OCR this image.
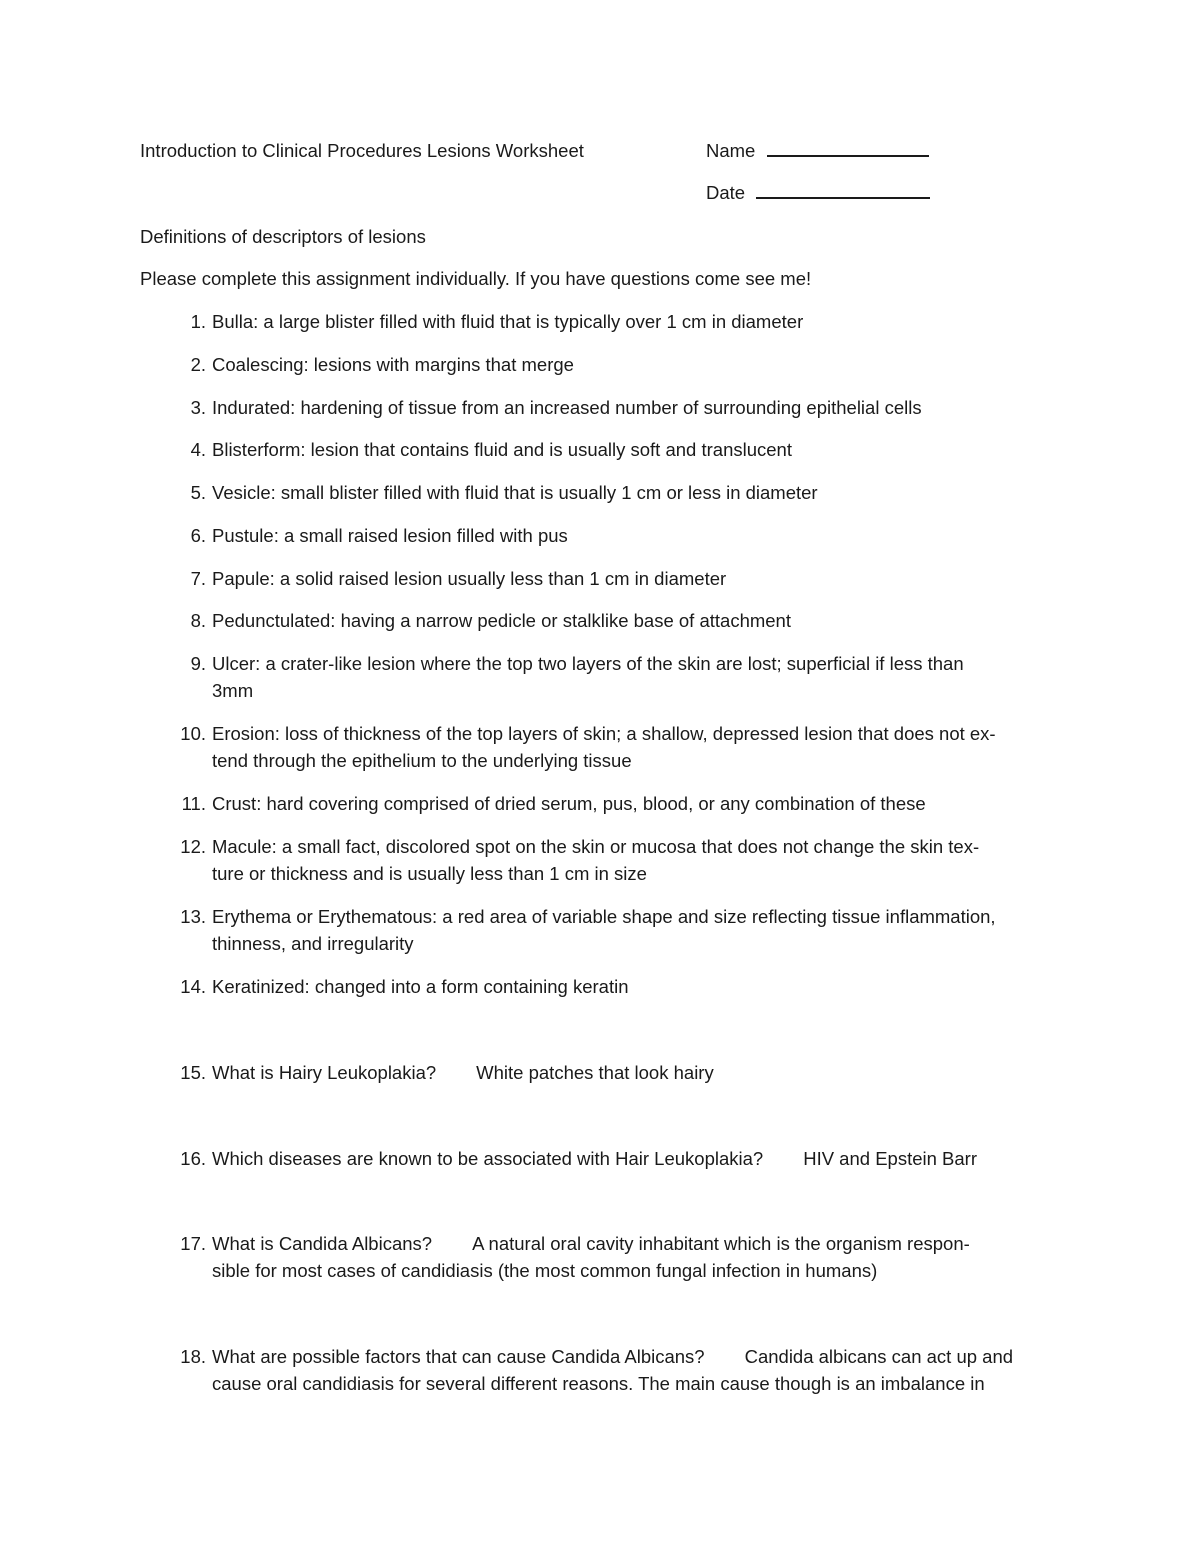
Introduction to Clinical Procedures Lesions Worksheet	Name
Date
Definitions of descriptors of lesions
Please complete this assignment individually. If you have questions come see me!
1. Bulla: a large blister filled with fluid that is typically over 1 cm in diameter
2. Coalescing: lesions with margins that merge
3. Indurated: hardening of tissue from an increased number of surrounding epithelial cells
4. Blisterform: lesion that contains fluid and is usually soft and translucent
5. Vesicle: small blister filled with fluid that is usually 1 cm or less in diameter
6. Pustule: a small raised lesion filled with pus
7. Papule: a solid raised lesion usually less than 1 cm in diameter
8. Pedunctulated: having a narrow pedicle or stalklike base of attachment
9. Ulcer: a crater-like lesion where the top two layers of the skin are lost; superficial if less than
3mm
10. Erosion: loss of thickness of the top layers of skin; a shallow, depressed lesion that does not ex-
tend through the epithelium to the underlying tissue
11. Crust: hard covering comprised of dried serum, pus, blood, or any combination of these
12. Macule: a small fact, discolored spot on the skin or mucosa that does not change the skin tex-
ture or thickness and is usually less than 1 cm in size
13. Erythema or Erythematous: a red area of variable shape and size reflecting tissue inflammation,
thinness, and irregularity
14. Keratinized: changed into a form containing keratin
15. What is Hairy Leukoplakia? White patches that look hairy
16. Which diseases are known to be associated with Hair Leukoplakia? HIV and Epstein Barr
17. What is Candida Albicans? A natural oral cavity inhabitant which is the organism respon-
sible for most cases of candidiasis (the most common fungal infection in humans)
18. What are possible factors that can cause Candida Albicans? Candida albicans can act up and
cause oral candidiasis for several different reasons. The main cause though is an imbalance in
